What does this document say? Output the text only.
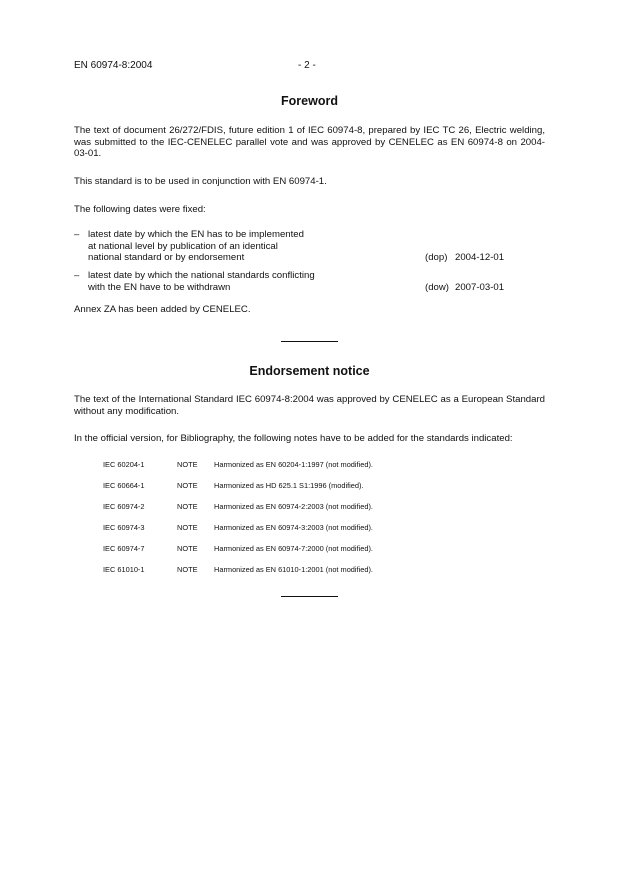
EN 60974-8:2004	- 2 -
Foreword
The text of document 26/272/FDIS, future edition 1 of IEC 60974-8, prepared by IEC TC 26, Electric welding, was submitted to the IEC-CENELEC parallel vote and was approved by CENELEC as EN 60974-8 on 2004-03-01.
This standard is to be used in conjunction with EN 60974-1.
The following dates were fixed:
– latest date by which the EN has to be implemented
at national level by publication of an identical
national standard or by endorsement	(dop) 2004-12-01
– latest date by which the national standards conflicting
with the EN have to be withdrawn	(dow) 2007-03-01
Annex ZA has been added by CENELEC.
Endorsement notice
The text of the International Standard IEC 60974-8:2004 was approved by CENELEC as a European Standard without any modification.
In the official version, for Bibliography, the following notes have to be added for the standards indicated:
IEC 60204-1	NOTE Harmonized as EN 60204-1:1997 (not modified).
IEC 60664-1	NOTE Harmonized as HD 625.1 S1:1996 (modified).
IEC 60974-2	NOTE Harmonized as EN 60974-2:2003 (not modified).
IEC 60974-3	NOTE Harmonized as EN 60974-3:2003 (not modified).
IEC 60974-7	NOTE Harmonized as EN 60974-7:2000 (not modified).
IEC 61010-1	NOTE Harmonized as EN 61010-1:2001 (not modified).
